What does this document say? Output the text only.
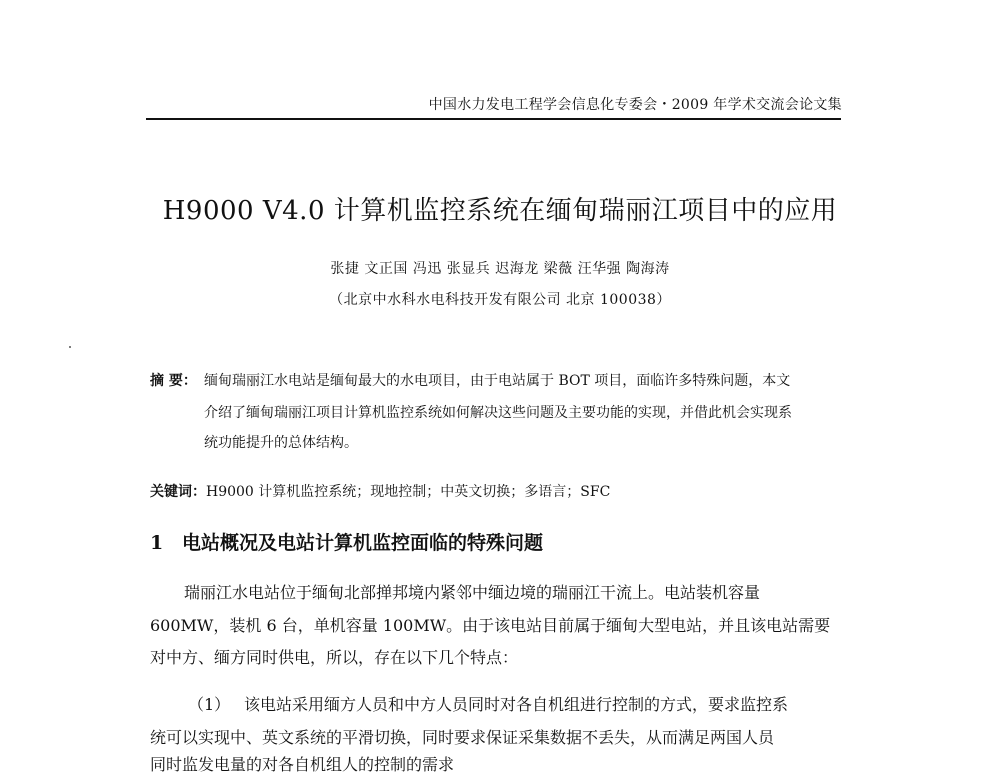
中国水力发电工程学会信息化专委会・2009 年学术交流会论文集
H9000 V4.0 计算机监控系统在缅甸瑞丽江项目中的应用
张捷 文正国 冯迅 张显兵 迟海龙 梁薇 汪华强 陶海涛
（北京中水科水电科技开发有限公司 北京 100038）
摘 要： 缅甸瑞丽江水电站是缅甸最大的水电项目，由于电站属于 BOT 项目，面临许多特殊问题，本文
介绍了缅甸瑞丽江项目计算机监控系统如何解决这些问题及主要功能的实现，并借此机会实现系
统功能提升的总体结构。
关键词：H9000 计算机监控系统；现地控制；中英文切换；多语言；SFC
1 电站概况及电站计算机监控面临的特殊问题
瑞丽江水电站位于缅甸北部掸邦境内紧邻中缅边境的瑞丽江干流上。电站装机容量
600MW，装机 6 台，单机容量 100MW。由于该电站目前属于缅甸大型电站，并且该电站需要
对中方、缅方同时供电，所以，存在以下几个特点：
（1） 该电站采用缅方人员和中方人员同时对各自机组进行控制的方式，要求监控系
统可以实现中、英文系统的平滑切换，同时要求保证采集数据不丢失，从而满足两国人员
同时监发电量的对各自机组人的控制的需求
